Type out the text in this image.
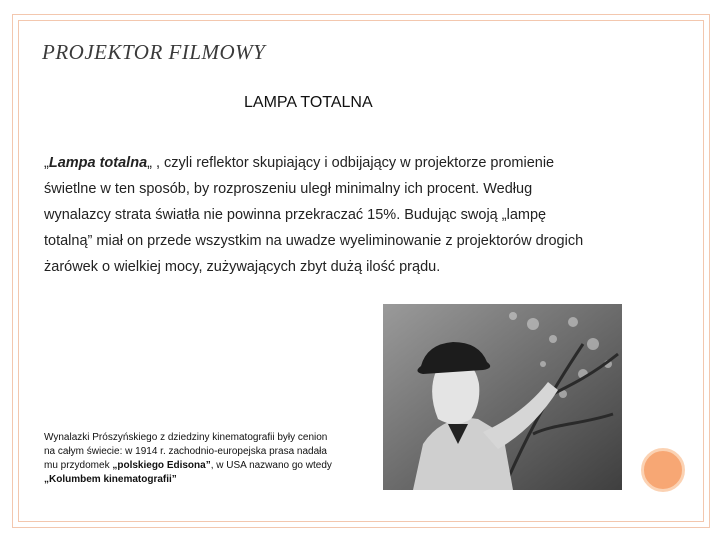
PROJEKTOR FILMOWY
LAMPA TOTALNA

„Lampa totalna„ , czyli reflektor skupiający i odbijający w projektorze promienie świetlne w ten sposób, by rozproszeniu uległ minimalny ich procent. Według wynalazcy strata światła nie powinna przekraczać 15%. Budując swoją „lampę totalną” miał on przede wszystkim na uwadze wyeliminowanie z projektorów drogich żarówek o wielkiej mocy, zużywających zbyt dużą ilość prądu.

Wynalazki Prószyńskiego z dziedziny kinematografii były cenion
na całym świecie: w 1914 r. zachodnio-europejska prasa nadała
mu przydomek „polskiego Edisona”, w USA nazwano go wtedy
„Kolumbem kinematografii”
